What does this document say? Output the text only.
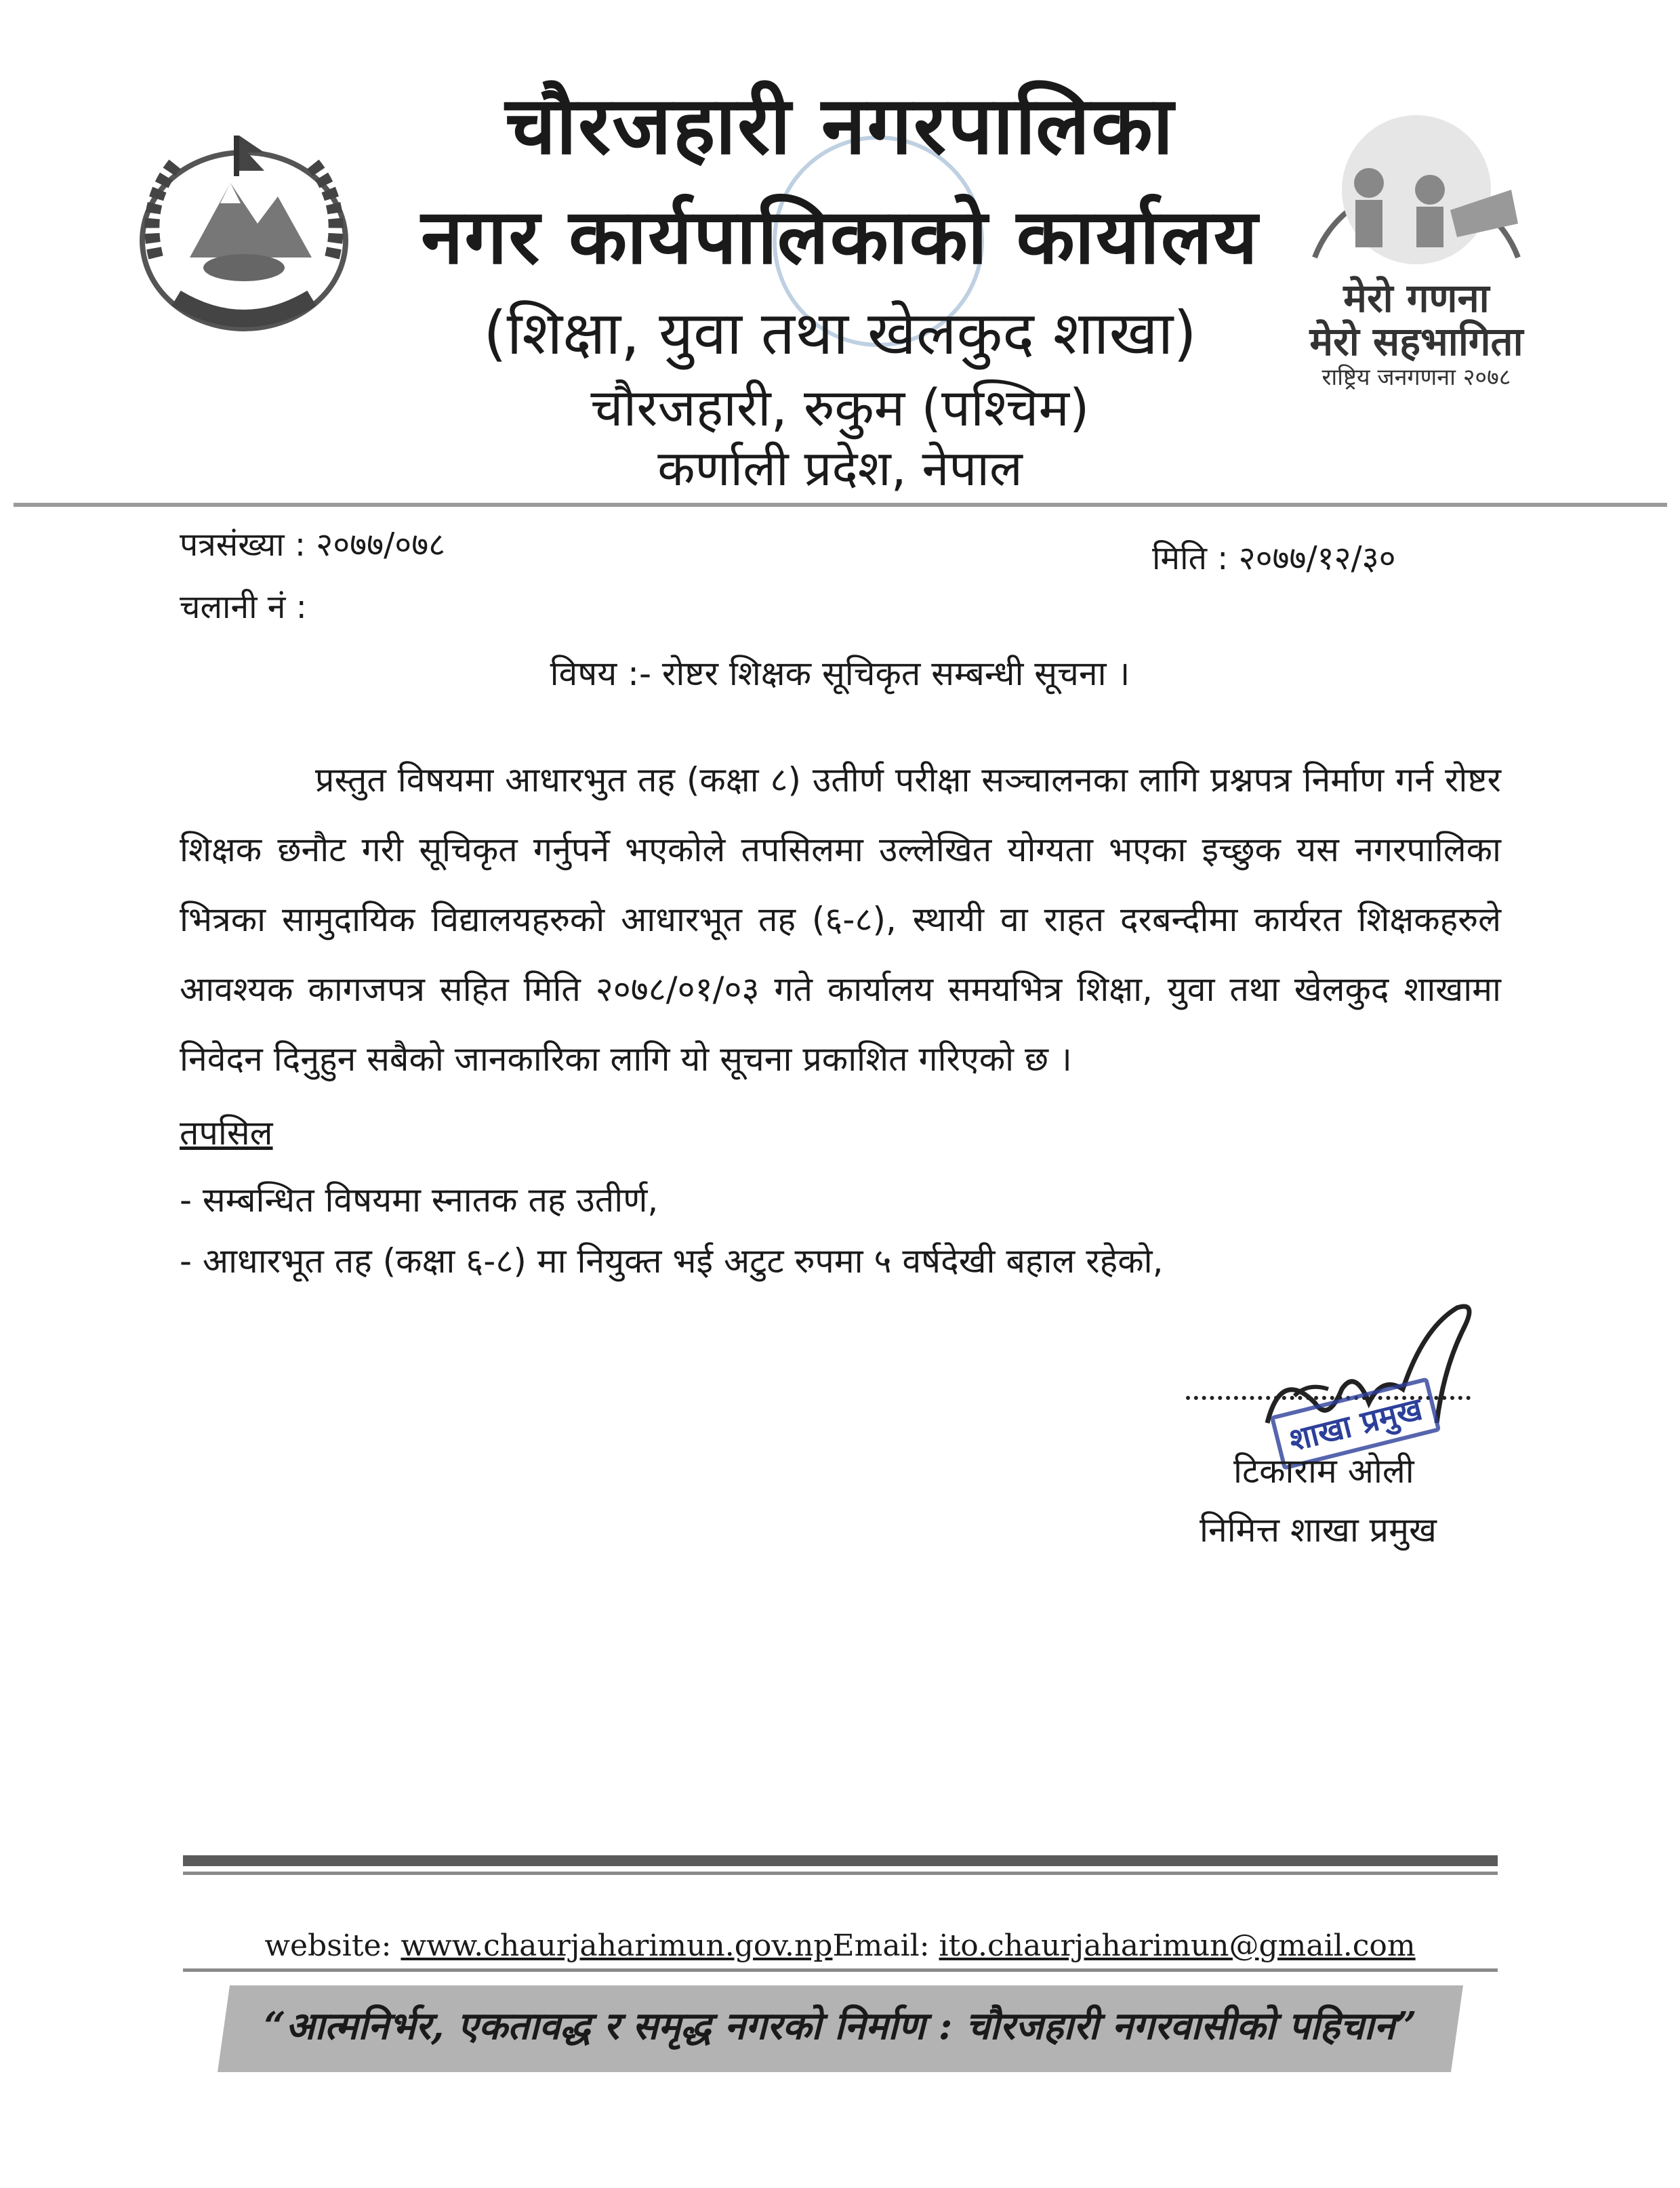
चौरजहारी नगरपालिका
नगर कार्यपालिकाको कार्यालय
(शिक्षा, युवा तथा खेलकुद शाखा)
चौरजहारी, रुकुम (पश्चिम)
कर्णाली प्रदेश, नेपाल
मेरो गणना
मेरो सहभागिता
राष्ट्रिय जनगणना २०७८
पत्रसंख्या : २०७७/०७८	मिति : २०७७/१२/३०
चलानी नं :
विषय :- रोष्टर शिक्षक सूचिकृत सम्बन्धी सूचना ।
प्रस्तुत विषयमा आधारभुत तह (कक्षा ८) उतीर्ण परीक्षा सञ्चालनका लागि प्रश्नपत्र निर्माण गर्न रोष्टर शिक्षक छनौट गरी सूचिकृत गर्नुपर्ने भएकोले तपसिलमा उल्लेखित योग्यता भएका इच्छुक यस नगरपालिका भित्रका सामुदायिक विद्यालयहरुको आधारभूत तह (६-८), स्थायी वा राहत दरबन्दीमा कार्यरत शिक्षकहरुले आवश्यक कागजपत्र सहित मिति २०७८/०१/०३ गते कार्यालय समयभित्र शिक्षा, युवा तथा खेलकुद शाखामा निवेदन दिनुहुन सबैको जानकारिका लागि यो सूचना प्रकाशित गरिएको छ ।
तपसिल
- सम्बन्धित विषयमा स्नातक तह उतीर्ण,
- आधारभूत तह (कक्षा ६-८) मा नियुक्त भई अटुट रुपमा ५ वर्षदेखी बहाल रहेको,
शाखा प्रमुख
टिकाराम ओली
निमित्त शाखा प्रमुख
website: www.chaurjaharimun.gov.npEmail: ito.chaurjaharimun@gmail.com
“आत्मनिर्भर, एकतावद्ध र समृद्ध नगरको निर्माण : चौरजहारी नगरवासीको पहिचान”
